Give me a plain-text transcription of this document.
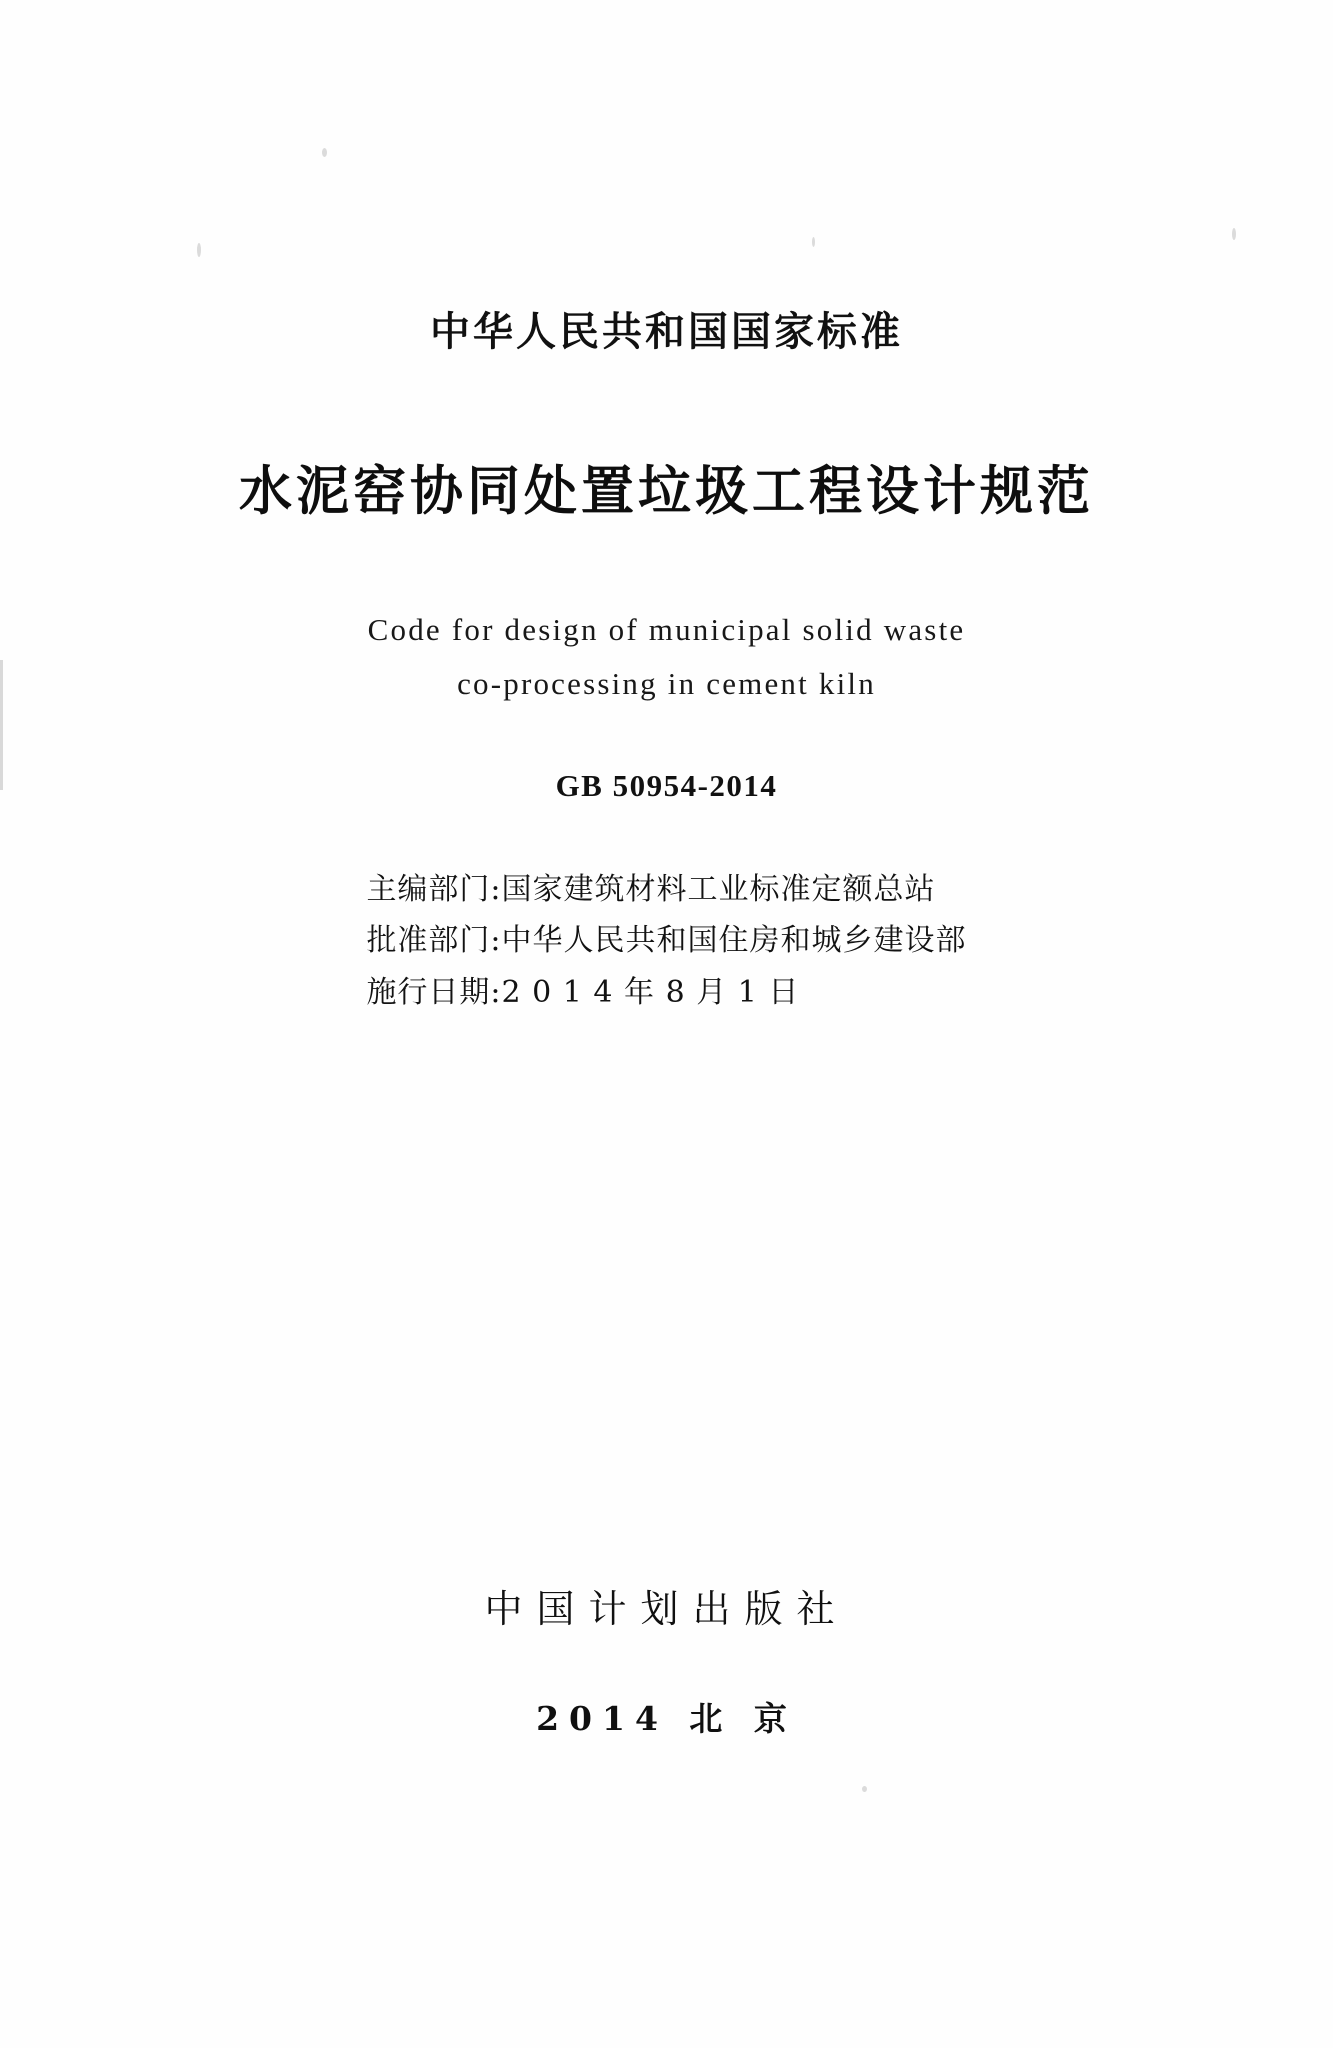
中华人民共和国国家标准
水泥窑协同处置垃圾工程设计规范
Code for design of municipal solid waste
co-processing in cement kiln
GB 50954-2014
主编部门:国家建筑材料工业标准定额总站
批准部门:中华人民共和国住房和城乡建设部
施行日期:2 0 1 4 年 8 月 1 日
中国计划出版社
2014 北 京
